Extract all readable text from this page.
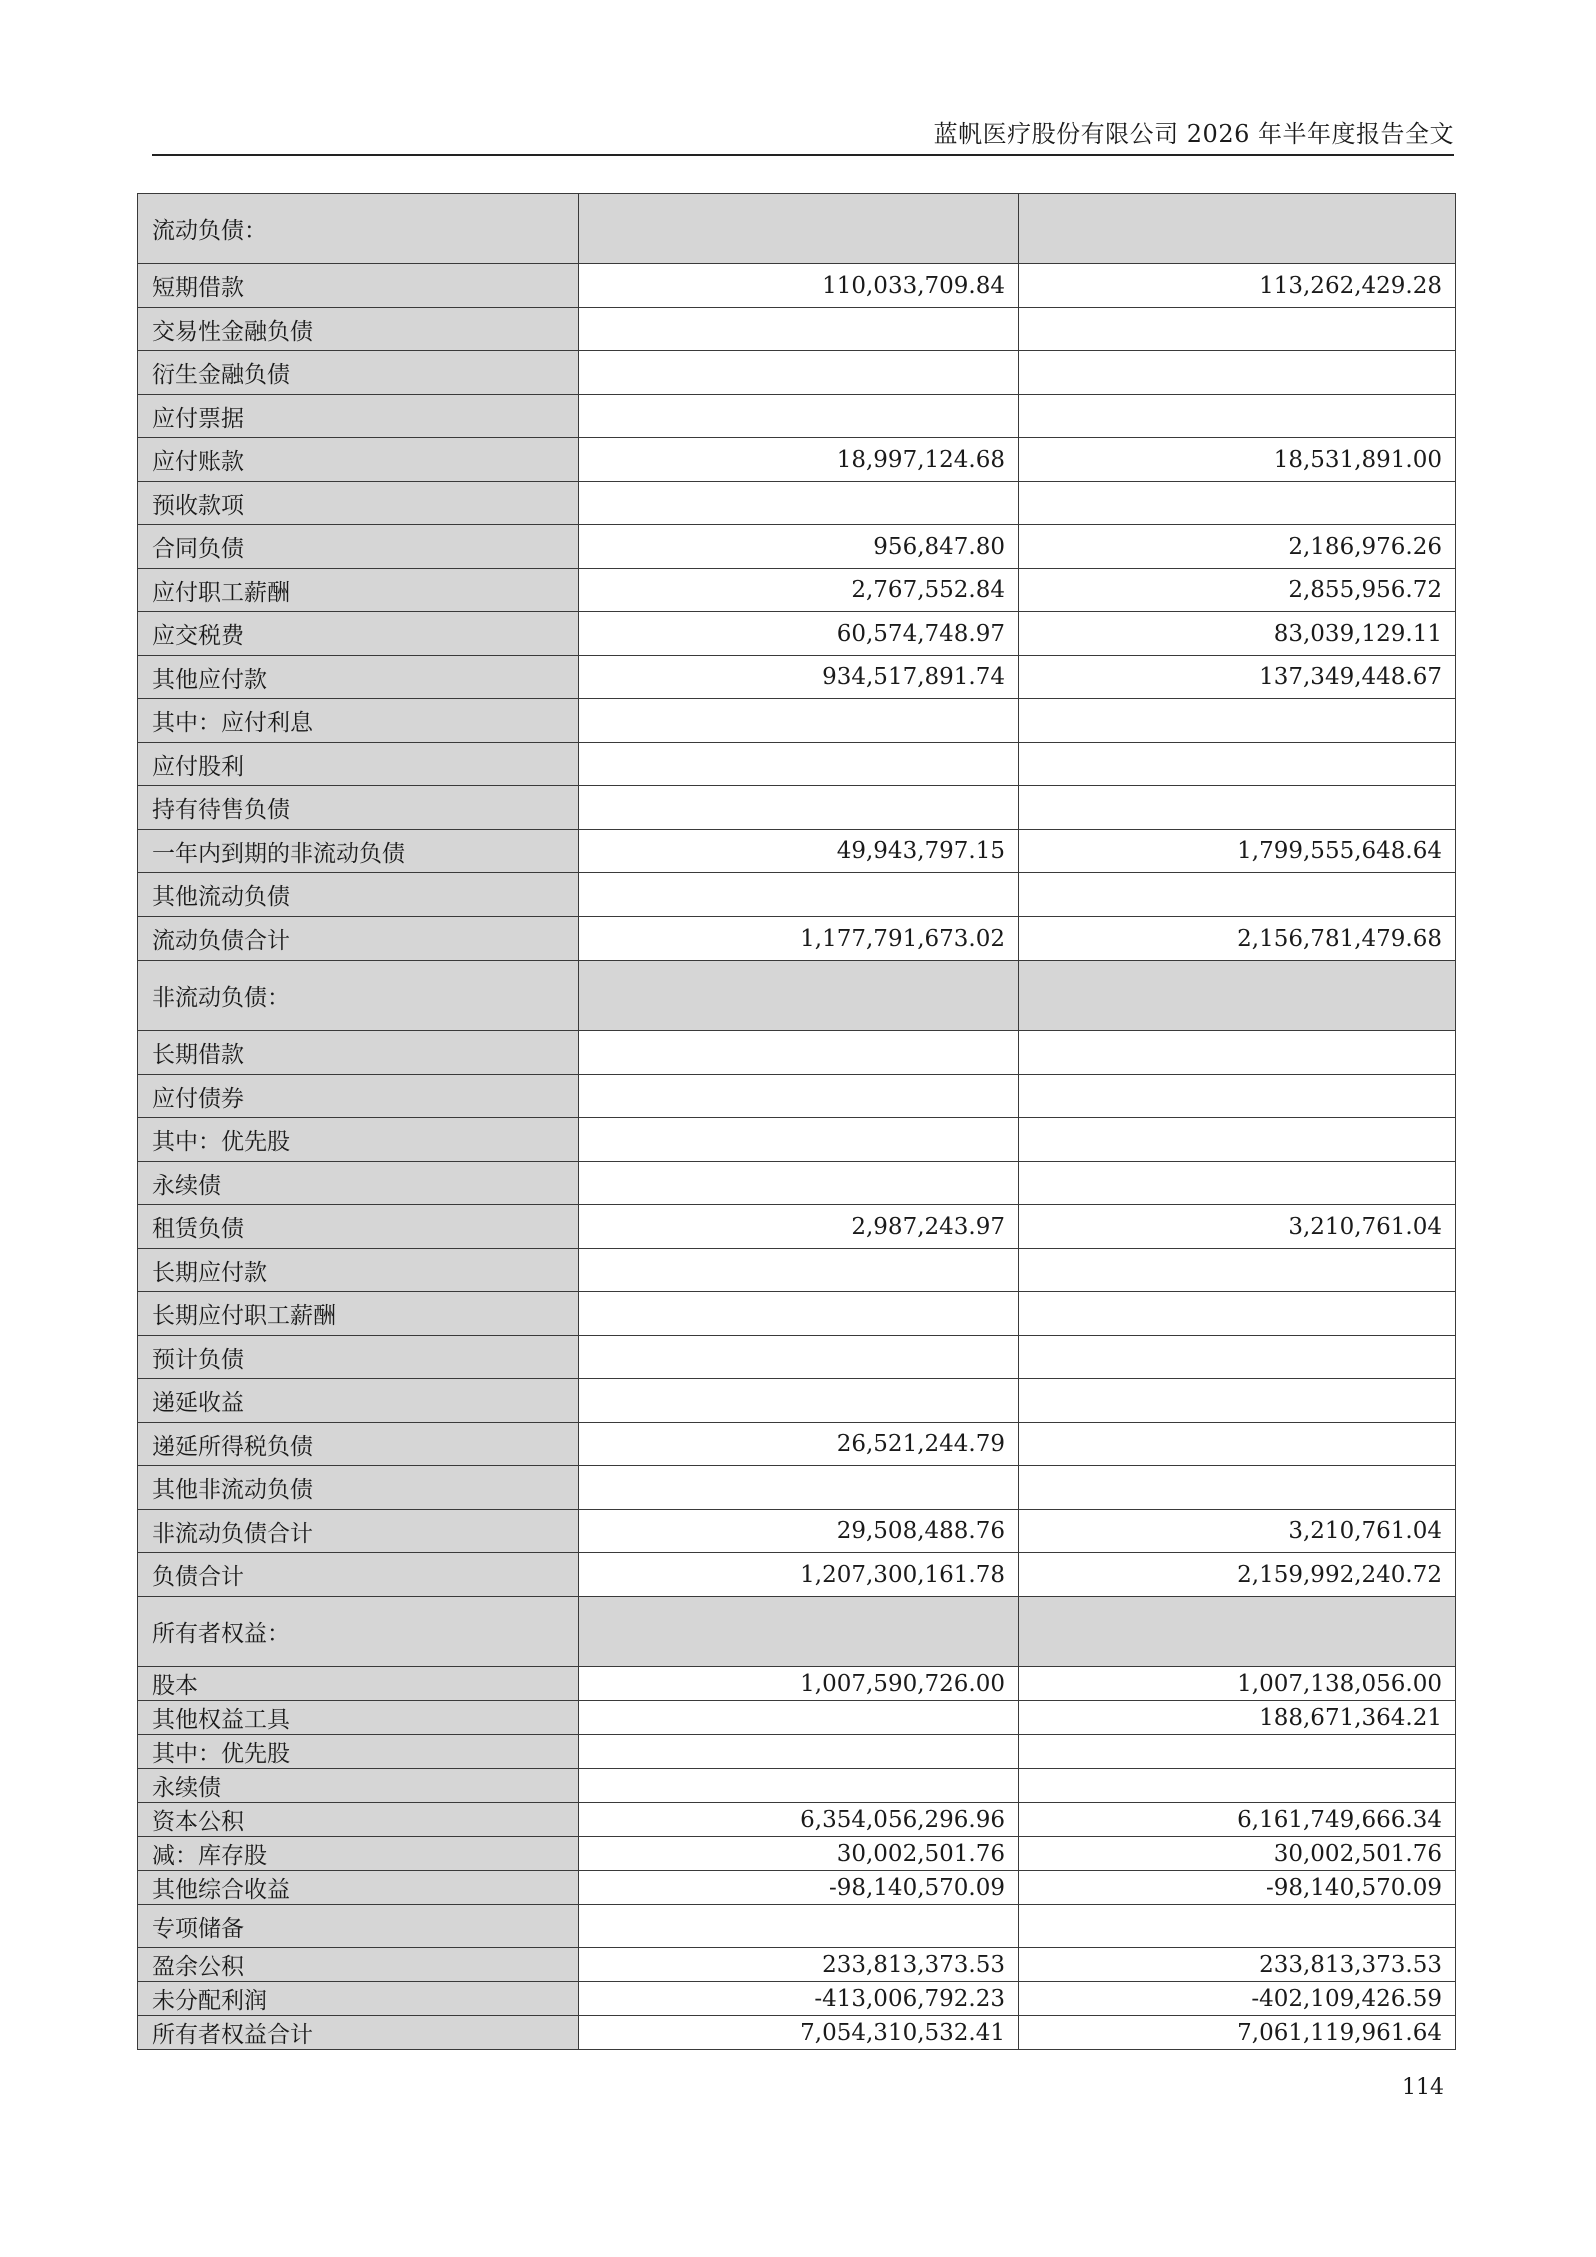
蓝帆医疗股份有限公司 2026 年半年度报告全文
流动负债：		
短期借款	110,033,709.84	113,262,429.28
交易性金融负债		
衍生金融负债		
应付票据		
应付账款	18,997,124.68	18,531,891.00
预收款项		
合同负债	956,847.80	2,186,976.26
应付职工薪酬	2,767,552.84	2,855,956.72
应交税费	60,574,748.97	83,039,129.11
其他应付款	934,517,891.74	137,349,448.67
其中：应付利息		
应付股利		
持有待售负债		
一年内到期的非流动负债	49,943,797.15	1,799,555,648.64
其他流动负债		
流动负债合计	1,177,791,673.02	2,156,781,479.68
非流动负债：		
长期借款		
应付债券		
其中：优先股		
永续债		
租赁负债	2,987,243.97	3,210,761.04
长期应付款		
长期应付职工薪酬		
预计负债		
递延收益		
递延所得税负债	26,521,244.79	
其他非流动负债		
非流动负债合计	29,508,488.76	3,210,761.04
负债合计	1,207,300,161.78	2,159,992,240.72
所有者权益：		
股本	1,007,590,726.00	1,007,138,056.00
其他权益工具		188,671,364.21
其中：优先股		
永续债		
资本公积	6,354,056,296.96	6,161,749,666.34
减：库存股	30,002,501.76	30,002,501.76
其他综合收益	-98,140,570.09	-98,140,570.09
专项储备		
盈余公积	233,813,373.53	233,813,373.53
未分配利润	-413,006,792.23	-402,109,426.59
所有者权益合计	7,054,310,532.41	7,061,119,961.64
114
